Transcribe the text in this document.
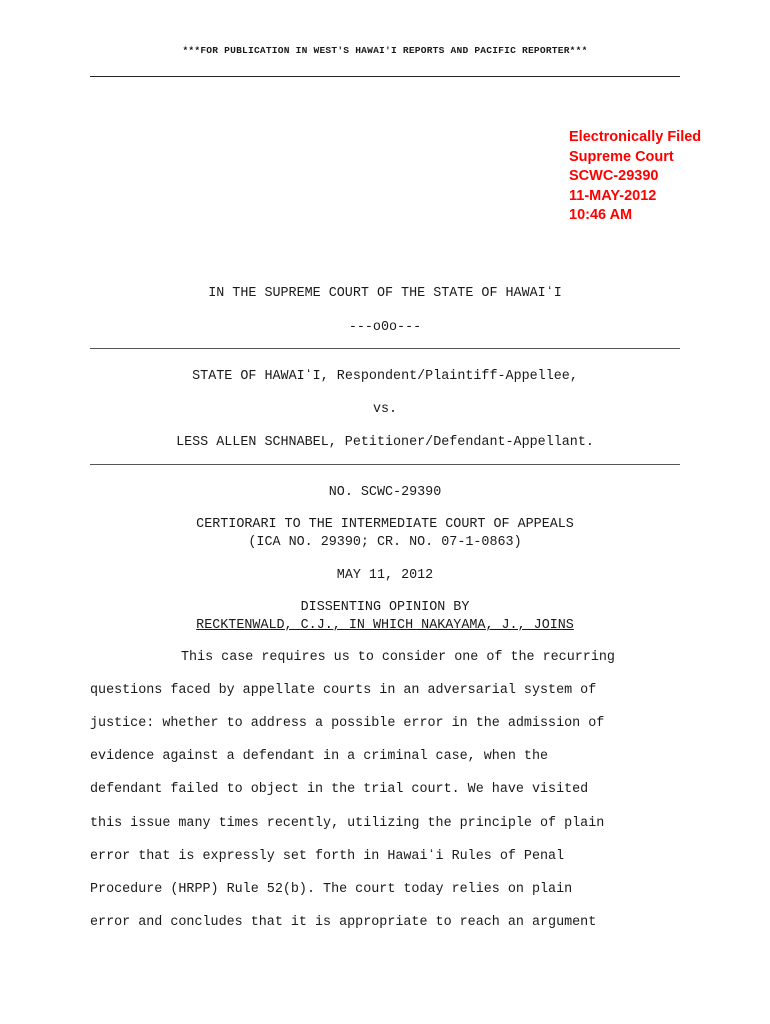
***FOR PUBLICATION IN WEST'S HAWAI'I REPORTS AND PACIFIC REPORTER***
Electronically Filed
Supreme Court
SCWC-29390
11-MAY-2012
10:46 AM
IN THE SUPREME COURT OF THE STATE OF HAWAIʻI
---o0o---
STATE OF HAWAIʻI, Respondent/Plaintiff-Appellee,
vs.
LESS ALLEN SCHNABEL, Petitioner/Defendant-Appellant.
NO. SCWC-29390
CERTIORARI TO THE INTERMEDIATE COURT OF APPEALS
(ICA NO. 29390; CR. NO. 07-1-0863)
MAY 11, 2012
DISSENTING OPINION BY
RECKTENWALD, C.J., IN WHICH NAKAYAMA, J., JOINS
This case requires us to consider one of the recurring
questions faced by appellate courts in an adversarial system of
justice: whether to address a possible error in the admission of
evidence against a defendant in a criminal case, when the
defendant failed to object in the trial court. We have visited
this issue many times recently, utilizing the principle of plain
error that is expressly set forth in Hawaiʻi Rules of Penal
Procedure (HRPP) Rule 52(b). The court today relies on plain
error and concludes that it is appropriate to reach an argument
